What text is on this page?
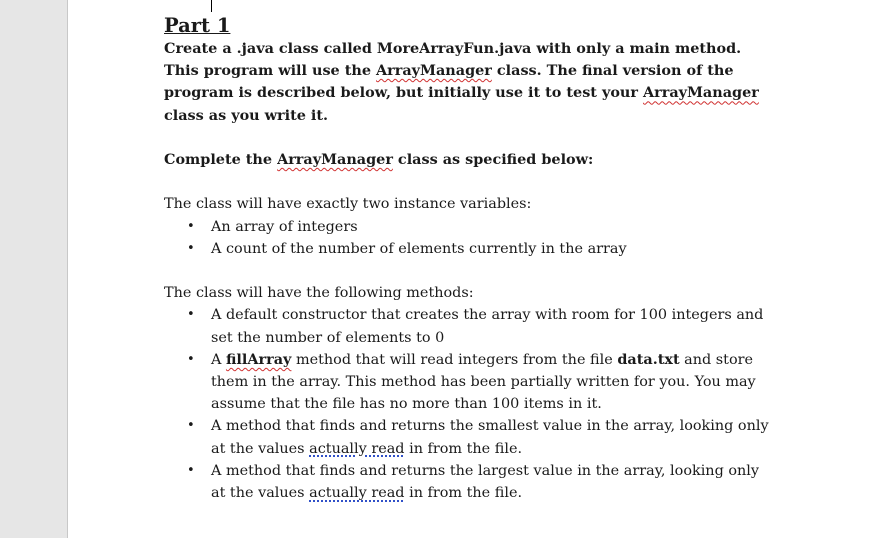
Part 1

Create a .java class called MoreArrayFun.java with only a main method.

This program will use the ArrayManager class. The final version of the

program is described below, but initially use it to test your ArrayManager

class as you write it.

Complete the ArrayManager class as specified below:

The class will have exactly two instance variables:

• An array of integers
• A count of the number of elements currently in the array

The class will have the following methods:

• A default constructor that creates the array with room for 100 integers and
set the number of elements to 0
• A fillArray method that will read integers from the file data.txt and store
them in the array. This method has been partially written for you. You may
assume that the file has no more than 100 items in it.
• A method that finds and returns the smallest value in the array, looking only
at the values actually read in from the file.
• A method that finds and returns the largest value in the array, looking only
at the values actually read in from the file.
